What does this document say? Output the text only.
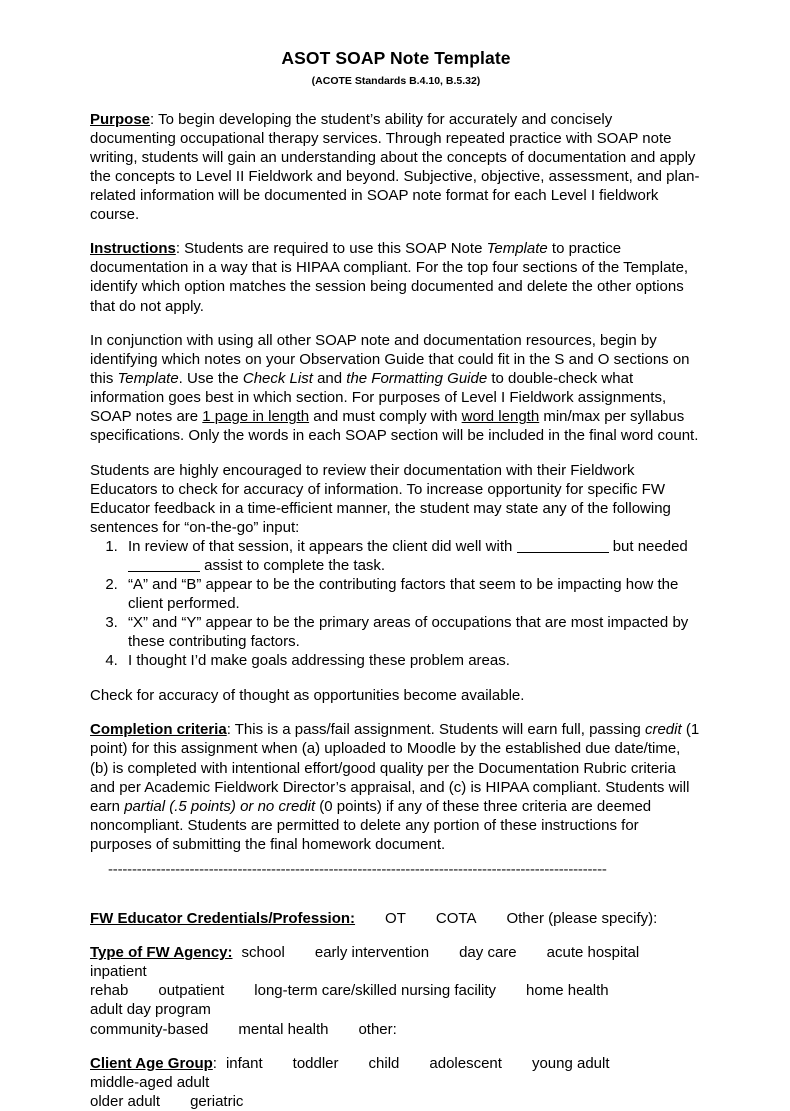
ASOT SOAP Note Template
(ACOTE Standards B.4.10, B.5.32)

Purpose: To begin developing the student’s ability for accurately and concisely documenting occupational therapy services. Through repeated practice with SOAP note writing, students will gain an understanding about the concepts of documentation and apply the concepts to Level II Fieldwork and beyond. Subjective, objective, assessment, and plan-related information will be documented in SOAP note format for each Level I fieldwork course.

Instructions: Students are required to use this SOAP Note Template to practice documentation in a way that is HIPAA compliant. For the top four sections of the Template, identify which option matches the session being documented and delete the other options that do not apply.

In conjunction with using all other SOAP note and documentation resources, begin by identifying which notes on your Observation Guide that could fit in the S and O sections on this Template. Use the Check List and the Formatting Guide to double-check what information goes best in which section. For purposes of Level I Fieldwork assignments, SOAP notes are 1 page in length and must comply with word length min/max per syllabus specifications. Only the words in each SOAP section will be included in the final word count.

Students are highly encouraged to review their documentation with their Fieldwork Educators to check for accuracy of information. To increase opportunity for specific FW Educator feedback in a time-efficient manner, the student may state any of the following sentences for “on-the-go” input:

1. In review of that session, it appears the client did well with	but needed
assist to complete the task.
2. “A” and “B” appear to be the contributing factors that seem to be impacting how the client performed.
3. “X” and “Y” appear to be the primary areas of occupations that are most impacted by these contributing factors.
4. I thought I’d make goals addressing these problem areas.

Check for accuracy of thought as opportunities become available.

Completion criteria: This is a pass/fail assignment. Students will earn full, passing credit (1 point) for this assignment when (a) uploaded to Moodle by the established due date/time, (b) is completed with intentional effort/good quality per the Documentation Rubric criteria and per Academic Fieldwork Director’s appraisal, and (c) is HIPAA compliant. Students will earn partial (.5 points) or no credit (0 points) if any of these three criteria are deemed noncompliant. Students are permitted to delete any portion of these instructions for purposes of submitting the final homework document.

--------------------------------------------------------------------------------------------------------
FW Educator Credentials/Profession: OT COTA Other (please specify):
Type of FW Agency: school early intervention day care acute hospitalinpatient
rehab outpatient long-term care/skilled nursing facility home healthadult day program
community-based mental health other:
Client Age Group: infant toddler child adolescent young adultmiddle-aged adult
older adult geriatric
